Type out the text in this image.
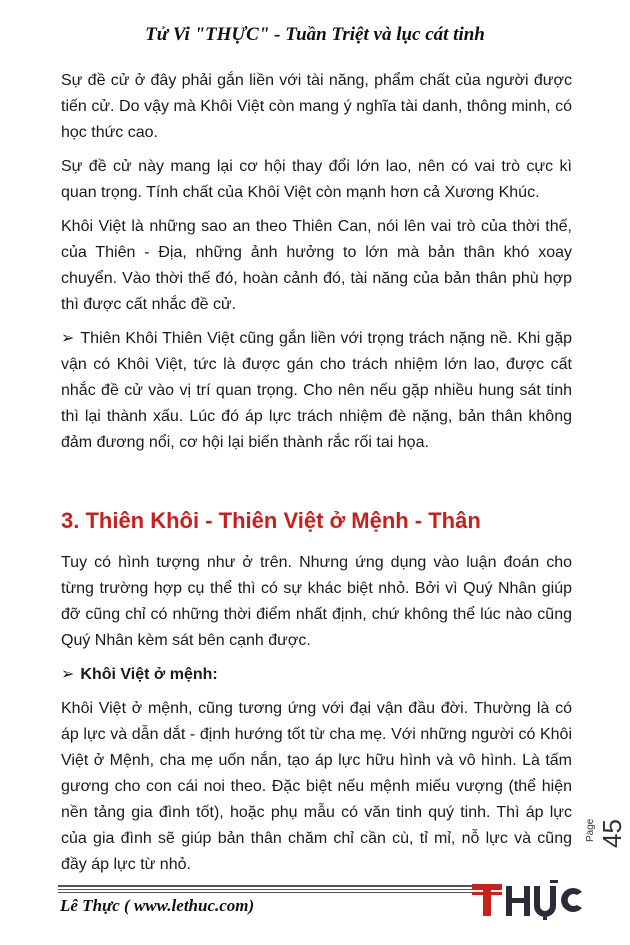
Tử Vi "THỰC" - Tuần Triệt và lục cát tinh

Sự đề cử ở đây phải gắn liền với tài năng, phẩm chất của người được tiến cử. Do vậy mà Khôi Việt còn mang ý nghĩa tài danh, thông minh, có học thức cao.

Sự đề cử này mang lại cơ hội thay đổi lớn lao, nên có vai trò cực kì quan trọng. Tính chất của Khôi Việt còn mạnh hơn cả Xương Khúc.

Khôi Việt là những sao an theo Thiên Can, nói lên vai trò của thời thế, của Thiên - Địa, những ảnh hưởng to lớn mà bản thân khó xoay chuyển. Vào thời thế đó, hoàn cảnh đó, tài năng của bản thân phù hợp thì được cất nhắc đề cử.

➢ Thiên Khôi Thiên Việt cũng gắn liền với trọng trách nặng nề. Khi gặp vận có Khôi Việt, tức là được gán cho trách nhiệm lớn lao, được cất nhắc đề cử vào vị trí quan trọng. Cho nên nếu gặp nhiều hung sát tinh thì lại thành xấu. Lúc đó áp lực trách nhiệm đè nặng, bản thân không đảm đương nổi, cơ hội lại biến thành rắc rối tai họa.

3. Thiên Khôi - Thiên Việt ở Mệnh - Thân

Tuy có hình tượng như ở trên. Nhưng ứng dụng vào luận đoán cho từng trường hợp cụ thể thì có sự khác biệt nhỏ. Bởi vì Quý Nhân giúp đỡ cũng chỉ có những thời điểm nhất định, chứ không thể lúc nào cũng Quý Nhân kèm sát bên cạnh được.

➢ Khôi Việt ở mệnh:

Khôi Việt ở mệnh, cũng tương ứng với đại vận đầu đời. Thường là có áp lực và dẫn dắt - định hướng tốt từ cha mẹ. Với những người có Khôi Việt ở Mệnh, cha mẹ uốn nắn, tạo áp lực hữu hình và vô hình. Là tấm gương cho con cái noi theo. Đặc biệt nếu mệnh miếu vượng (thể hiện nền tảng gia đình tốt), hoặc phụ mẫu có văn tinh quý tinh. Thì áp lực của gia đình sẽ giúp bản thân chăm chỉ cần cù, tỉ mỉ, nỗ lực và cũng đầy áp lực từ nhỏ.

Page 45
Lê Thực ( www.lethuc.com)
